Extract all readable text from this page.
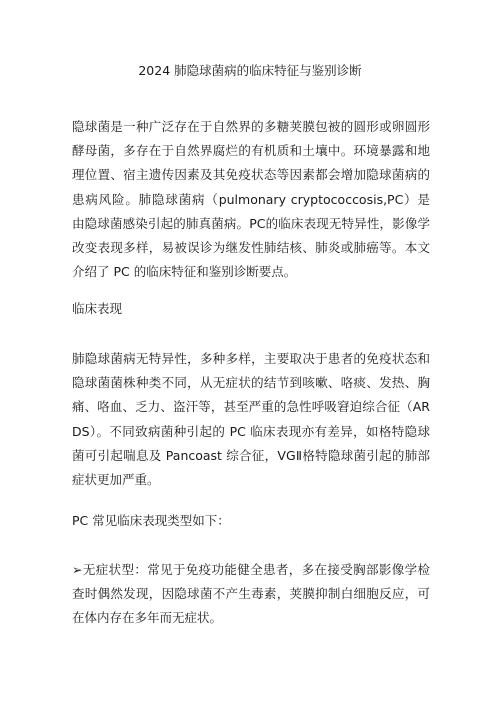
2024 肺隐球菌病的临床特征与鉴别诊断

隐球菌是一种广泛存在于自然界的多糖荚膜包被的圆形或卵圆形酵母菌，多存在于自然界腐烂的有机质和土壤中。环境暴露和地理位置、宿主遗传因素及其免疫状态等因素都会增加隐球菌病的患病风险。肺隐球菌病（pulmonary cryptococcosis,PC）是由隐球菌感染引起的肺真菌病。PC的临床表现无特异性，影像学改变表现多样，易被误诊为继发性肺结核、肺炎或肺癌等。本文介绍了 PC 的临床特征和鉴别诊断要点。

临床表现

肺隐球菌病无特异性，多种多样，主要取决于患者的免疫状态和隐球菌菌株种类不同，从无症状的结节到咳嗽、咯痰、发热、胸痛、咯血、乏力、盗汗等，甚至严重的急性呼吸窘迫综合征（ARDS）。不同致病菌种引起的 PC 临床表现亦有差异，如格特隐球菌可引起喘息及 Pancoast 综合征，VGⅡ格特隐球菌引起的肺部症状更加严重。

PC 常见临床表现类型如下：

➢无症状型：常见于免疫功能健全患者，多在接受胸部影像学检查时偶然发现，因隐球菌不产生毒素，荚膜抑制白细胞反应，可在体内存在多年而无症状。
